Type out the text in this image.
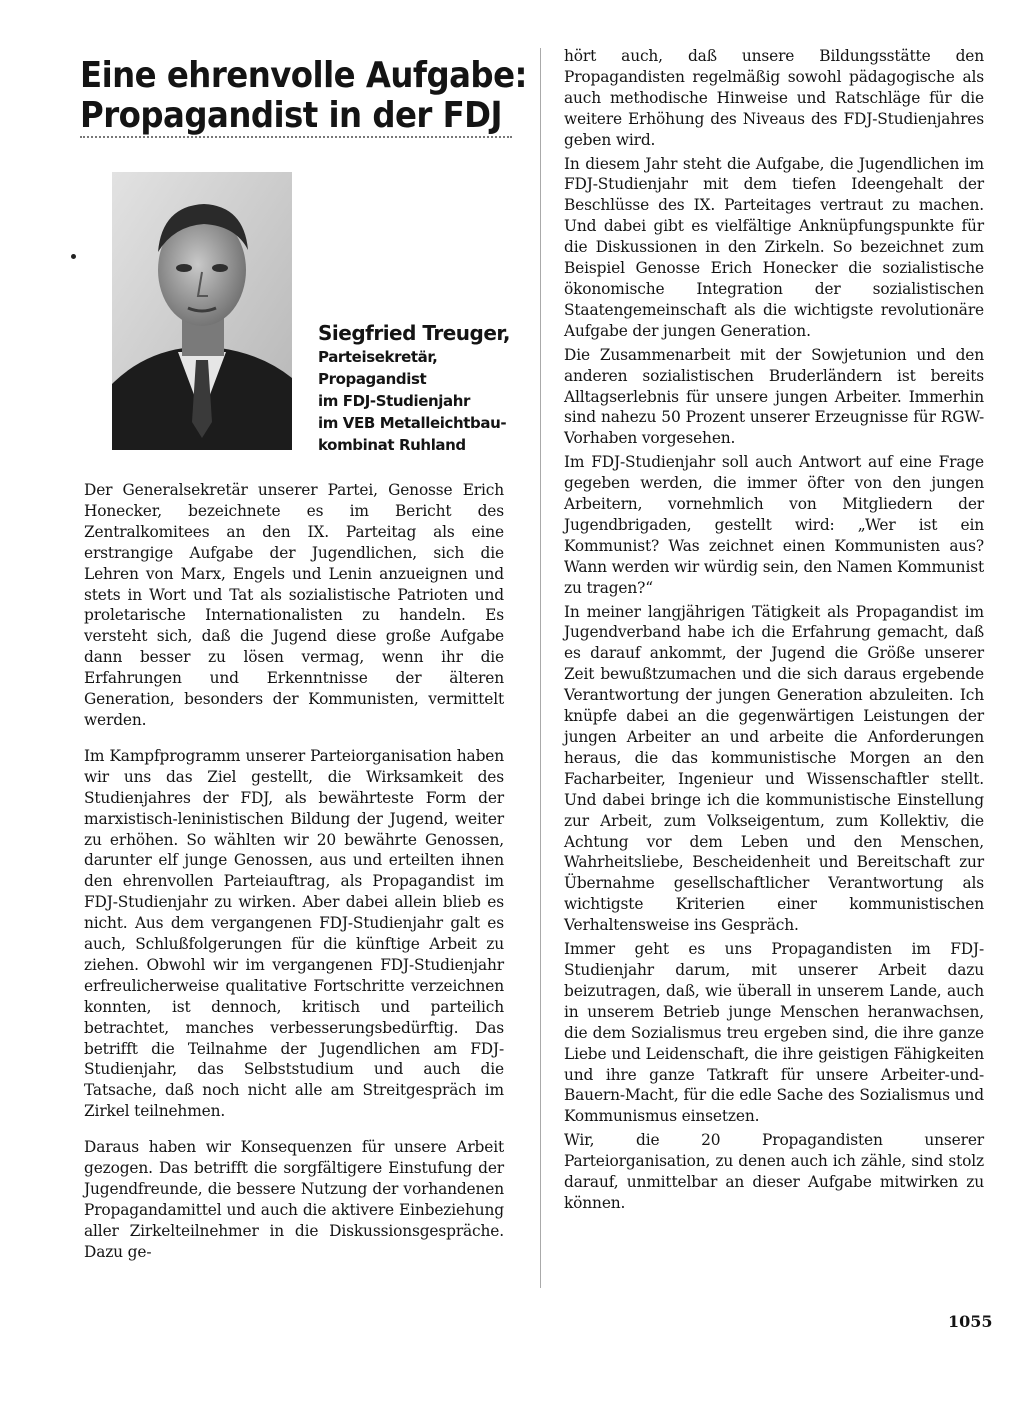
Eine ehrenvolle Aufgabe:
Propagandist in der FDJ
Siegfried Treuger,
Parteisekretär,
Propagandist
im FDJ-Studienjahr
im VEB Metalleichtbau-
kombinat Ruhland

Der Generalsekretär unserer Partei, Genosse Erich Honecker, bezeichnete es im Bericht des Zentralkomitees an den IX. Parteitag als eine erstrangige Aufgabe der Jugendlichen, sich die Lehren von Marx, Engels und Lenin anzueignen und stets in Wort und Tat als sozialistische Patrioten und proletarische Internationalisten zu handeln. Es versteht sich, daß die Jugend diese große Aufgabe dann besser zu lösen vermag, wenn ihr die Erfahrungen und Erkenntnisse der älteren Generation, besonders der Kommunisten, vermittelt werden.

Im Kampfprogramm unserer Parteiorganisation haben wir uns das Ziel gestellt, die Wirksamkeit des Studienjahres der FDJ, als bewährteste Form der marxistisch-leninistischen Bildung der Jugend, weiter zu erhöhen. So wählten wir 20 bewährte Genossen, darunter elf junge Genossen, aus und erteilten ihnen den ehrenvollen Parteiauftrag, als Propagandist im FDJ-Studienjahr zu wirken. Aber dabei allein blieb es nicht. Aus dem vergangenen FDJ-Studienjahr galt es auch, Schlußfolgerungen für die künftige Arbeit zu ziehen. Obwohl wir im vergangenen FDJ-Studienjahr erfreulicherweise qualitative Fortschritte verzeichnen konnten, ist dennoch, kritisch und parteilich betrachtet, manches verbesserungsbedürftig. Das betrifft die Teilnahme der Jugendlichen am FDJ-Studienjahr, das Selbststudium und auch die Tatsache, daß noch nicht alle am Streitgespräch im Zirkel teilnehmen.

Daraus haben wir Konsequenzen für unsere Arbeit gezogen. Das betrifft die sorgfältigere Einstufung der Jugendfreunde, die bessere Nutzung der vorhandenen Propagandamittel und auch die aktivere Einbeziehung aller Zirkelteilnehmer in die Diskussionsgespräche. Dazu ge-

hört auch, daß unsere Bildungsstätte den Propagandisten regelmäßig sowohl pädagogische als auch methodische Hinweise und Ratschläge für die weitere Erhöhung des Niveaus des FDJ-Studienjahres geben wird.

In diesem Jahr steht die Aufgabe, die Jugendlichen im FDJ-Studienjahr mit dem tiefen Ideengehalt der Beschlüsse des IX. Parteitages vertraut zu machen. Und dabei gibt es vielfältige Anknüpfungspunkte für die Diskussionen in den Zirkeln. So bezeichnet zum Beispiel Genosse Erich Honecker die sozialistische ökonomische Integration der sozialistischen Staatengemeinschaft als die wichtigste revolutionäre Aufgabe der jungen Generation.

Die Zusammenarbeit mit der Sowjetunion und den anderen sozialistischen Bruderländern ist bereits Alltagserlebnis für unsere jungen Arbeiter. Immerhin sind nahezu 50 Prozent unserer Erzeugnisse für RGW-Vorhaben vorgesehen.

Im FDJ-Studienjahr soll auch Antwort auf eine Frage gegeben werden, die immer öfter von den jungen Arbeitern, vornehmlich von Mitgliedern der Jugendbrigaden, gestellt wird: „Wer ist ein Kommunist? Was zeichnet einen Kommunisten aus? Wann werden wir würdig sein, den Namen Kommunist zu tragen?“

In meiner langjährigen Tätigkeit als Propagandist im Jugendverband habe ich die Erfahrung gemacht, daß es darauf ankommt, der Jugend die Größe unserer Zeit bewußtzumachen und die sich daraus ergebende Verantwortung der jungen Generation abzuleiten. Ich knüpfe dabei an die gegenwärtigen Leistungen der jungen Arbeiter an und arbeite die Anforderungen heraus, die das kommunistische Morgen an den Facharbeiter, Ingenieur und Wissenschaftler stellt. Und dabei bringe ich die kommunistische Einstellung zur Arbeit, zum Volkseigentum, zum Kollektiv, die Achtung vor dem Leben und den Menschen, Wahrheitsliebe, Bescheidenheit und Bereitschaft zur Übernahme gesellschaftlicher Verantwortung als wichtigste Kriterien einer kommunistischen Verhaltensweise ins Gespräch.

Immer geht es uns Propagandisten im FDJ-Studienjahr darum, mit unserer Arbeit dazu beizutragen, daß, wie überall in unserem Lande, auch in unserem Betrieb junge Menschen heranwachsen, die dem Sozialismus treu ergeben sind, die ihre ganze Liebe und Leidenschaft, die ihre geistigen Fähigkeiten und ihre ganze Tatkraft für unsere Arbeiter-und-Bauern-Macht, für die edle Sache des Sozialismus und Kommunismus einsetzen.

Wir, die 20 Propagandisten unserer Parteiorganisation, zu denen auch ich zähle, sind stolz darauf, unmittelbar an dieser Aufgabe mitwirken zu können.

1055
